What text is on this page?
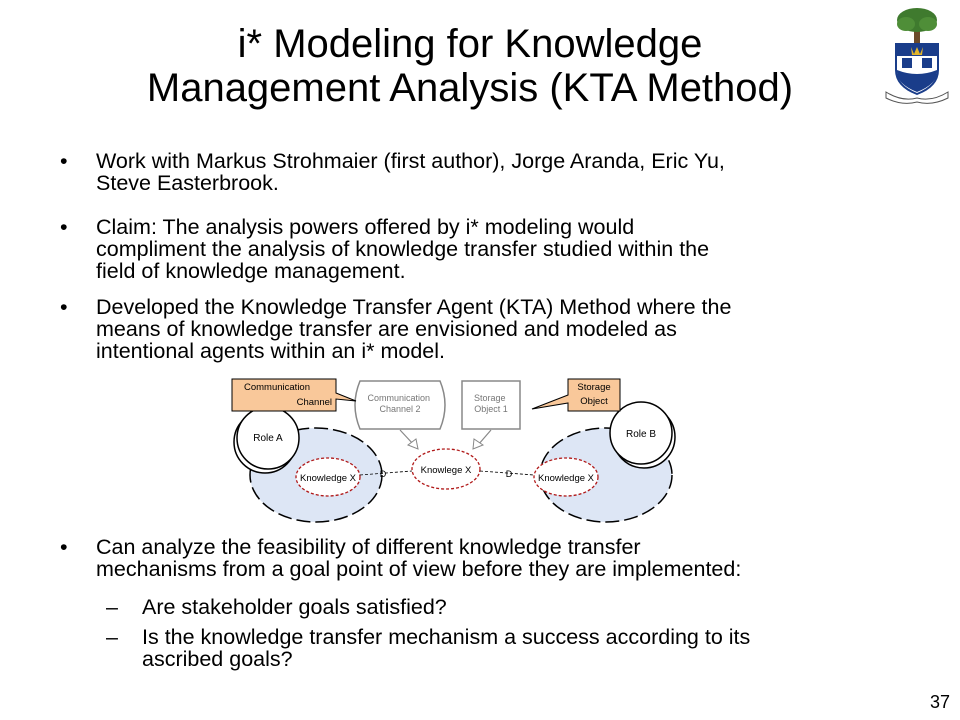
i* Modeling for Knowledge
Management Analysis (KTA Method)
• Work with Markus Strohmaier (first author), Jorge Aranda, Eric Yu,
Steve Easterbrook.
• Claim: The analysis powers offered by i* modeling would
compliment the analysis of knowledge transfer studied within the
field of knowledge management.
• Developed the Knowledge Transfer Agent (KTA) Method where the
means of knowledge transfer are envisioned and modeled as
intentional agents within an i* model.
• Can analyze the feasibility of different knowledge transfer
mechanisms from a goal point of view before they are implemented:
– Are stakeholder goals satisfied?
– Is the knowledge transfer mechanism a success according to its
ascribed goals?
Role A	Role B
Communication Channel 2
Storage Object 1
Communication
Channel
Storage
Object
Knowledge X
Knowlege X
Knowledge X
D	D
37
